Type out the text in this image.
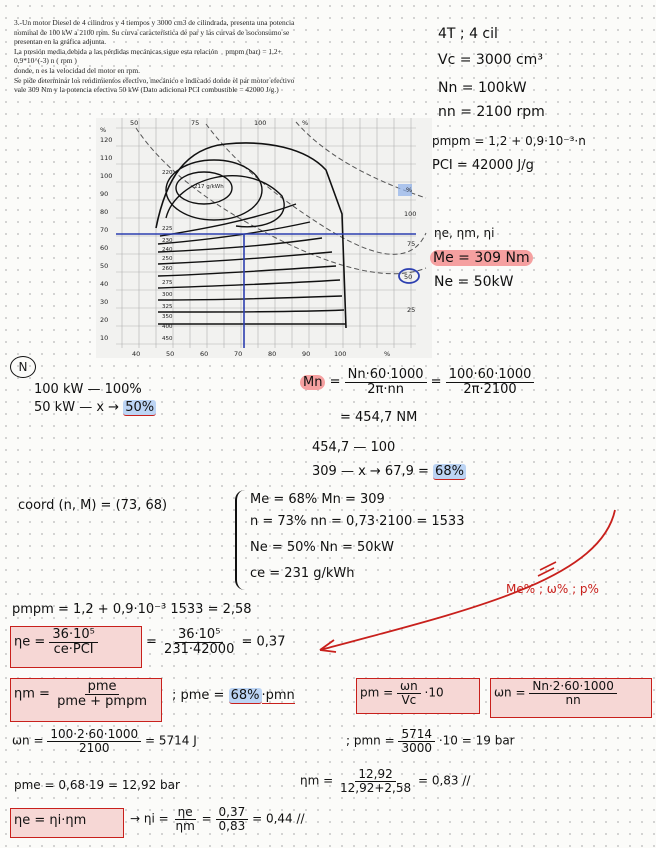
3.-Un motor Diesel de 4 cilindros y 4 tiempos y 3000 cm3 de cilindrada, presenta una potencia
nominal de 100 kW a 2100 rpm. Su curva característica de par y las curvas de isoconsumo se
presentan en la gráfica adjunta.
La presión media debida a las pérdidas mecánicas sigue esta relación pmpm (bar) = 1,2+
0,9*10^(-3) n ( rpm )
donde, n es la velocidad del motor en rpm.
Se pide determinar los rendimientos efectivo, mecánico e indicado donde el par motor efectivo
vale 309 Nm y la potencia efectiva 50 kW (Dato adicional PCI combustible = 42000 J/g.)
50	75	100	%
%
120
110
100
90
80
70
60
50
40
30
20
10
%
100
75
50
25
40	50	60	70	80	90	100	%
217 g/kWh
220
225
230
240
250
260
275
300
325
350
400
450
4T ; 4 cil
Vc = 3000 cm³
Nn = 100kW
nn = 2100 rpm
pmpm = 1,2 + 0,9·10⁻³·n
PCI = 42000 J/g
ηe, ηm, ηi
Me = 309 Nm
Ne = 50kW
N
100 kW — 100%
50 kW — x → 50%
$Mn = \frac{Nn\cdot 60\cdot 1000}{2\pi\cdot nn} = \frac{100\cdot 60\cdot 1000}{2\pi\cdot 2100}$
= 454,7 NM
454,7 — 100
309 — x → 67,9 = 68%
coord (n, M) = (73, 68)	Me = 68% Mn = 309
n = 73% nn = 0,73·2100 = 1533
Ne = 50% Nn = 50kW
ce = 231 g/kWh
Me% ; ω% ; p%
pmpm = 1,2 + 0,9·10⁻³ 1533 = 2,58
$\eta e = \frac{\text{36·10⁵}}{\text{ce·PCI}}$	= $\frac{\text{36·10⁵}}{231\cdot 42000} = 0,37$
$\eta m = \frac{\text{pme}}{\text{pme + pmpm}}$ ; pme = 68% ·pmn	pm = $\frac{\omega n}{Vc} \cdot 10$	$\omega n = \frac{Nn\cdot 2\cdot 60\cdot 1000}{nn}$
$\omega n = \frac{100\cdot 2\cdot 60\cdot 1000}{2100} = 5714$ J	; pmn = $\frac{5714}{3000} \cdot 10 = 19$ bar
pme = 0,68·19 = 12,92 bar	$\eta m = \frac{12,92}{12,92+2,58} = 0,83$ //
ηe = ηi·ηm	→ $\eta i = \frac{\eta e}{\eta m} = \frac{0,37}{0,83} = 0,44$ //
